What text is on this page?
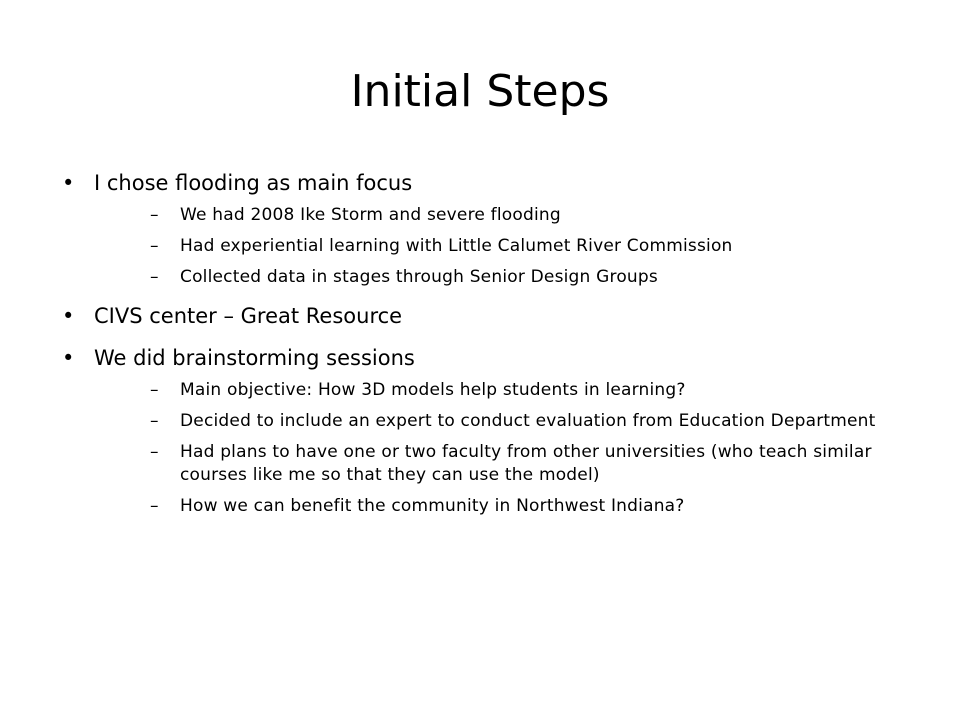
Initial Steps
• I chose flooding as main focus
– We had 2008 Ike Storm and severe flooding
– Had experiential learning with Little Calumet River Commission
– Collected data in stages through Senior Design Groups
• CIVS center – Great Resource
• We did brainstorming sessions
– Main objective: How 3D models help students in learning?
– Decided to include an expert to conduct evaluation from Education Department
– Had plans to have one or two faculty from other universities (who teach similar courses like me so that they can use the model)
– How we can benefit the community in Northwest Indiana?
